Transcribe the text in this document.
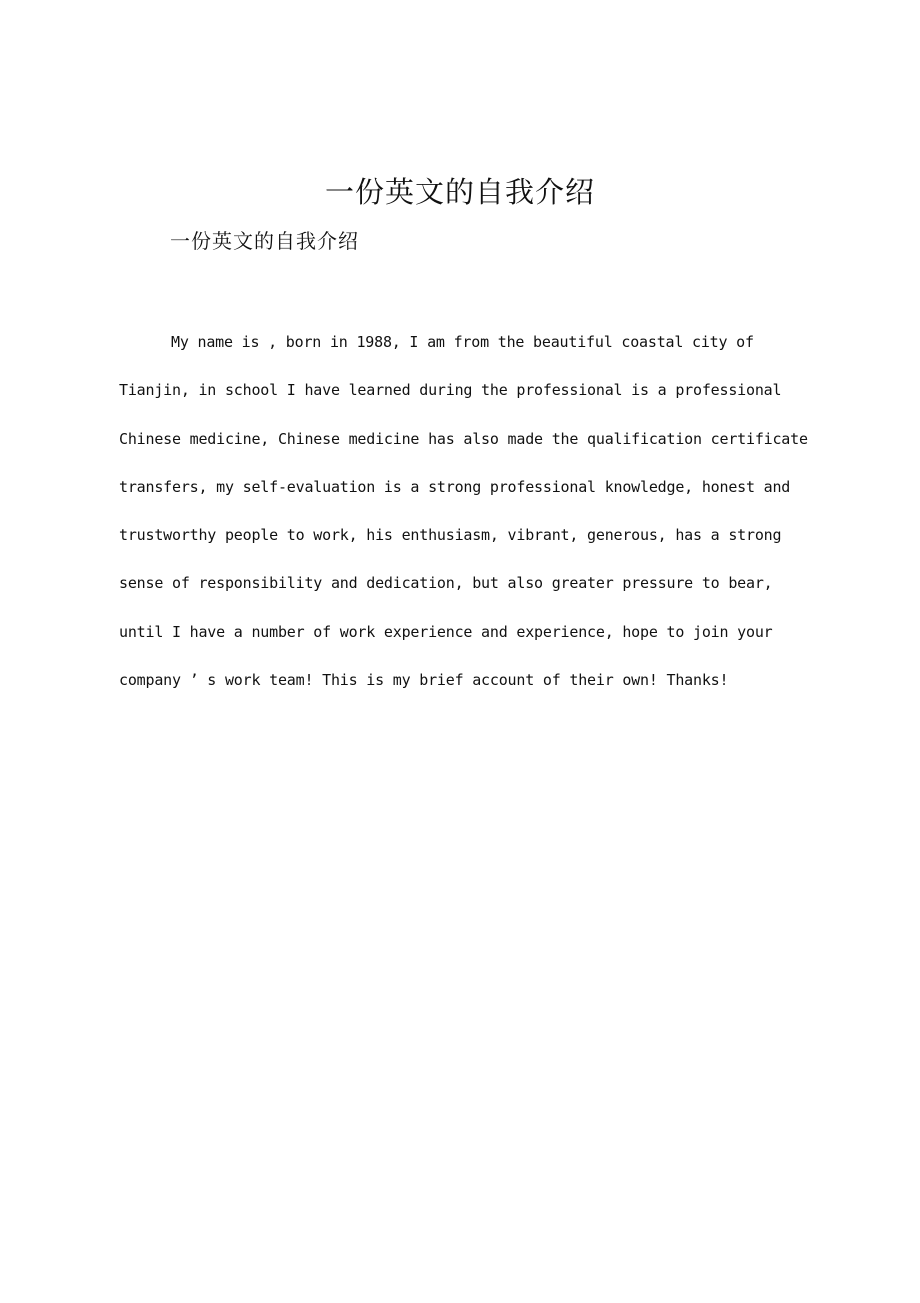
一份英文的自我介绍
一份英文的自我介绍
My name is , born in 1988, I am from the beautiful coastal city of
Tianjin, in school I have learned during the professional is a professional
Chinese medicine, Chinese medicine has also made the qualification certificate
transfers, my self-evaluation is a strong professional knowledge, honest and
trustworthy people to work, his enthusiasm, vibrant, generous, has a strong
sense of responsibility and dedication, but also greater pressure to bear,
until I have a number of work experience and experience, hope to join your
company ’ s work team! This is my brief account of their own! Thanks!
